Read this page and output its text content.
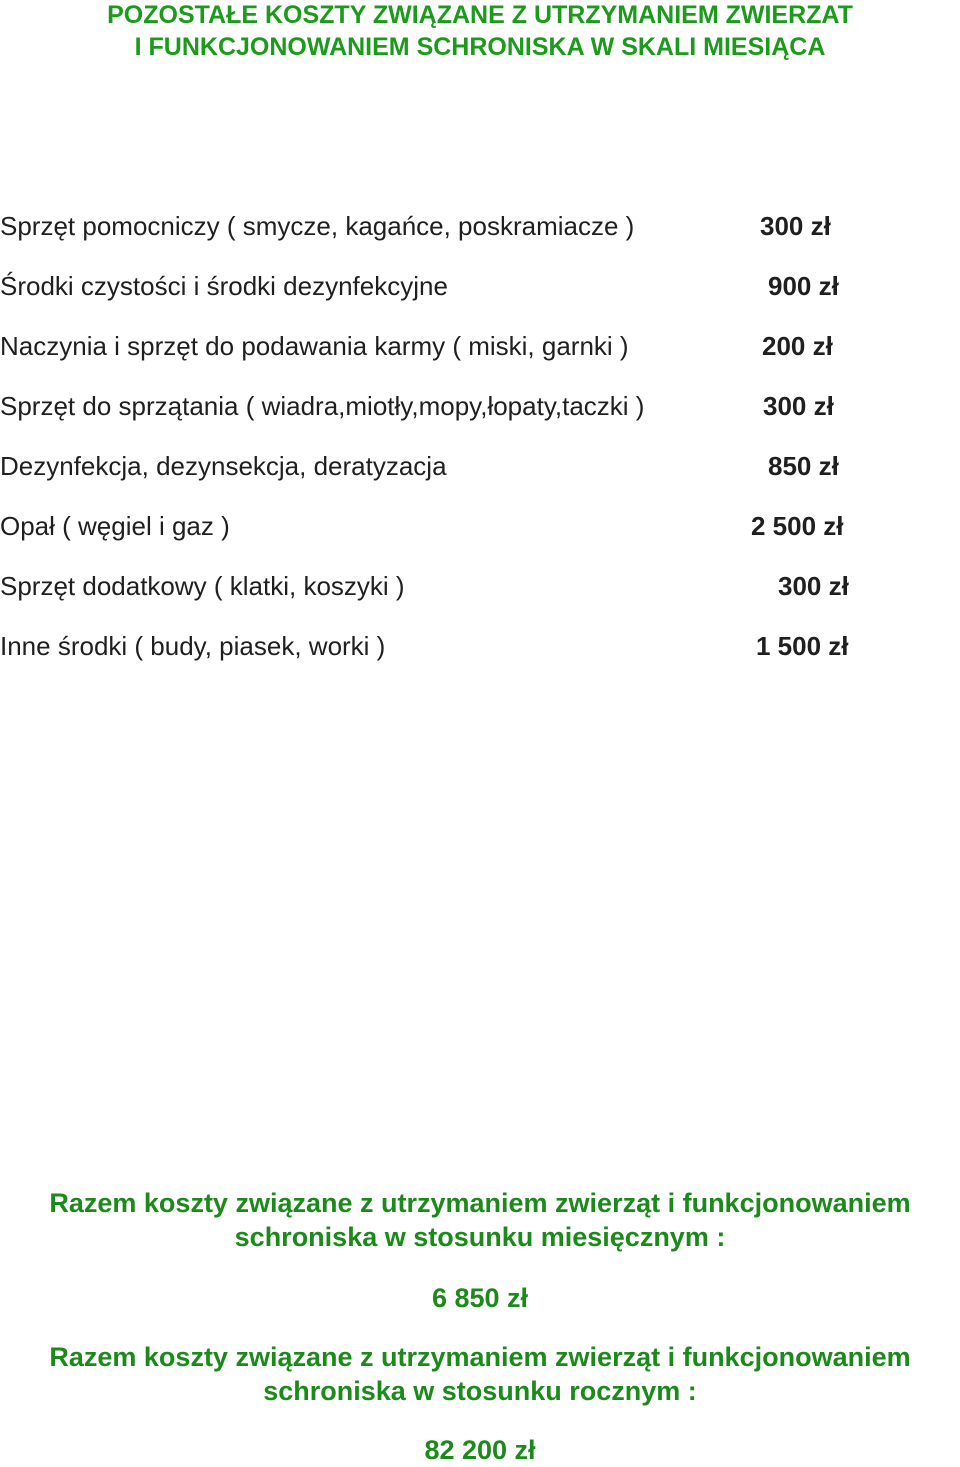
POZOSTAŁE KOSZTY ZWIĄZANE Z UTRZYMANIEM ZWIERZAT
I FUNKCJONOWANIEM SCHRONISKA W SKALI MIESIĄCA
Sprzęt pomocniczy ( smycze, kagańce, poskramiacze )	300 zł
Środki czystości i środki dezynfekcyjne	900 zł
Naczynia i sprzęt do podawania karmy ( miski, garnki )	200 zł
Sprzęt do sprzątania ( wiadra,miotły,mopy,łopaty,taczki )	300 zł
Dezynfekcja, dezynsekcja, deratyzacja	850 zł
Opał ( węgiel i gaz )	2 500 zł
Sprzęt dodatkowy ( klatki, koszyki )	300 zł
Inne środki ( budy, piasek, worki )	1 500 zł
Razem koszty związane z utrzymaniem zwierząt i funkcjonowaniem
schroniska w stosunku miesięcznym :
6 850 zł
Razem koszty związane z utrzymaniem zwierząt i funkcjonowaniem
schroniska w stosunku rocznym :
82 200 zł
